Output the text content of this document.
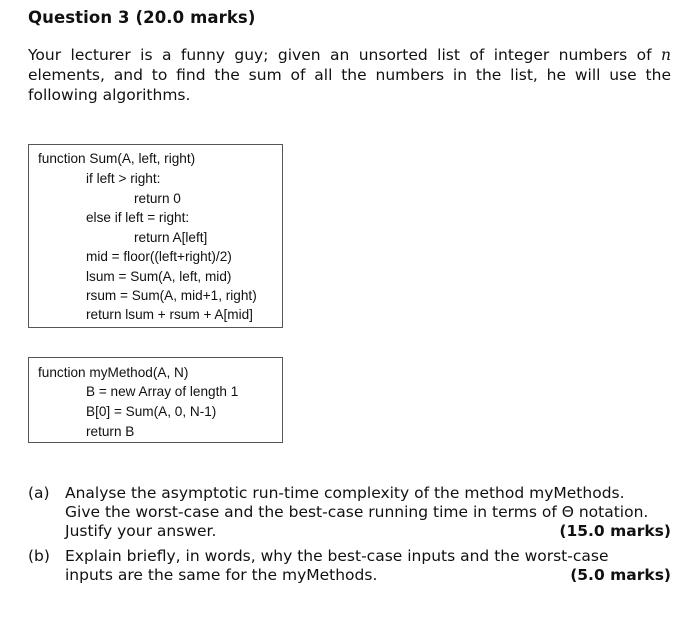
Question 3 (20.0 marks)
Your lecturer is a funny guy; given an unsorted list of integer numbers of n elements, and to find the sum of all the numbers in the list, he will use the following algorithms.
function Sum(A, left, right)
if left > right:
return 0
else if left = right:
return A[left]
mid = floor((left+right)/2)
lsum = Sum(A, left, mid)
rsum = Sum(A, mid+1, right)
return lsum + rsum + A[mid]
function myMethod(A, N)
B = new Array of length 1
B[0] = Sum(A, 0, N-1)
return B
(a) Analyse the asymptotic run-time complexity of the method myMethods.
Give the worst-case and the best-case running time in terms of Θ notation.
Justify your answer.	(15.0 marks)
(b) Explain briefly, in words, why the best-case inputs and the worst-case
inputs are the same for the myMethods.	(5.0 marks)
